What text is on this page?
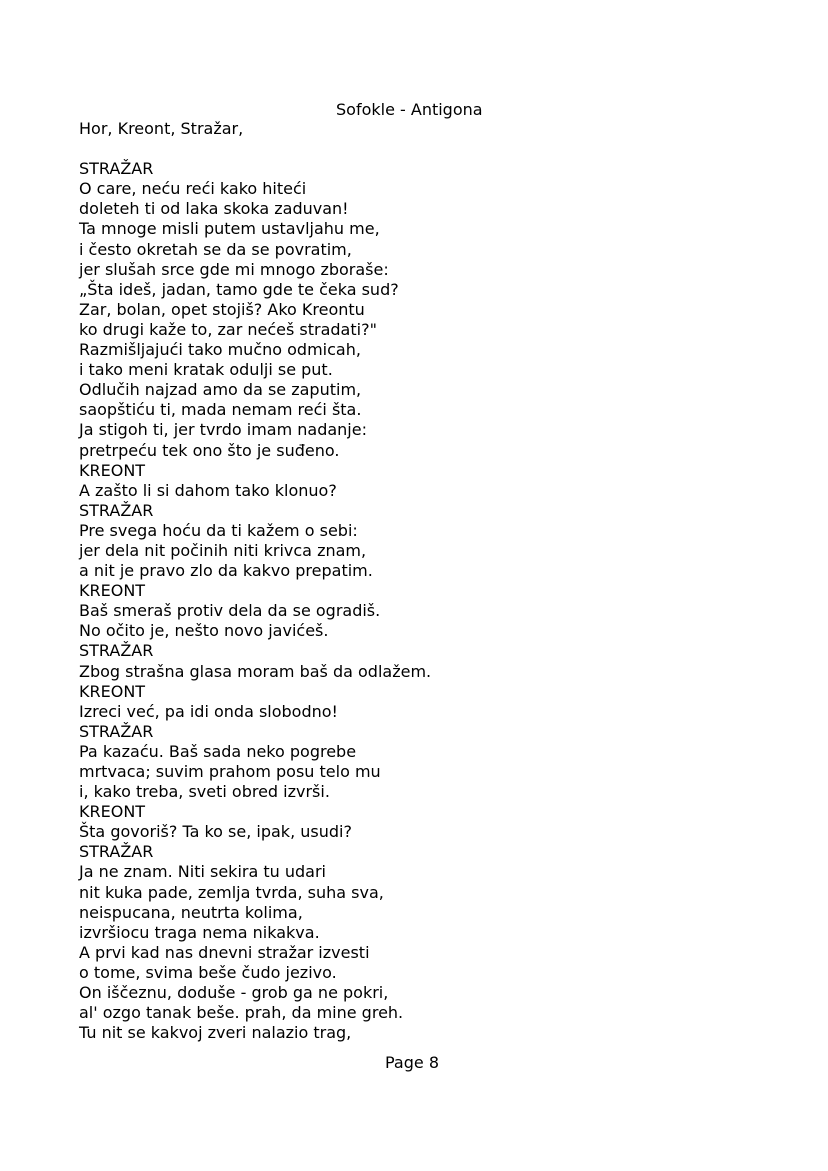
Sofokle - Antigona
Hor, Kreont, Stražar,
STRAŽAR
O care, neću reći kako hiteći
doleteh ti od laka skoka zaduvan!
Ta mnoge misli putem ustavljahu me,
i često okretah se da se povratim,
jer slušah srce gde mi mnogo zboraše:
„Šta ideš, jadan, tamo gde te čeka sud?
Zar, bolan, opet stojiš? Ako Kreontu
ko drugi kaže to, zar nećeš stradati?"
Razmišljajući tako mučno odmicah,
i tako meni kratak odulji se put.
Odlučih najzad amo da se zaputim,
saopštiću ti, mada nemam reći šta.
Ja stigoh ti, jer tvrdo imam nadanje:
pretrpeću tek ono što je suđeno.
KREONT
A zašto li si dahom tako klonuo?
STRAŽAR
Pre svega hoću da ti kažem o sebi:
jer dela nit počinih niti krivca znam,
a nit je pravo zlo da kakvo prepatim.
KREONT
Baš smeraš protiv dela da se ogradiš.
No očito je, nešto novo javićeš.
STRAŽAR
Zbog strašna glasa moram baš da odlažem.
KREONT
Izreci već, pa idi onda slobodno!
STRAŽAR
Pa kazaću. Baš sada neko pogrebe
mrtvaca; suvim prahom posu telo mu
i, kako treba, sveti obred izvrši.
KREONT
Šta govoriš? Ta ko se, ipak, usudi?
STRAŽAR
Ja ne znam. Niti sekira tu udari
nit kuka pade, zemlja tvrda, suha sva,
neispucana, neutrta kolima,
izvršiocu traga nema nikakva.
A prvi kad nas dnevni stražar izvesti
o tome, svima beše čudo jezivo.
On iščeznu, doduše - grob ga ne pokri,
al' ozgo tanak beše. prah, da mine greh.
Tu nit se kakvoj zveri nalazio trag,
Page 8
